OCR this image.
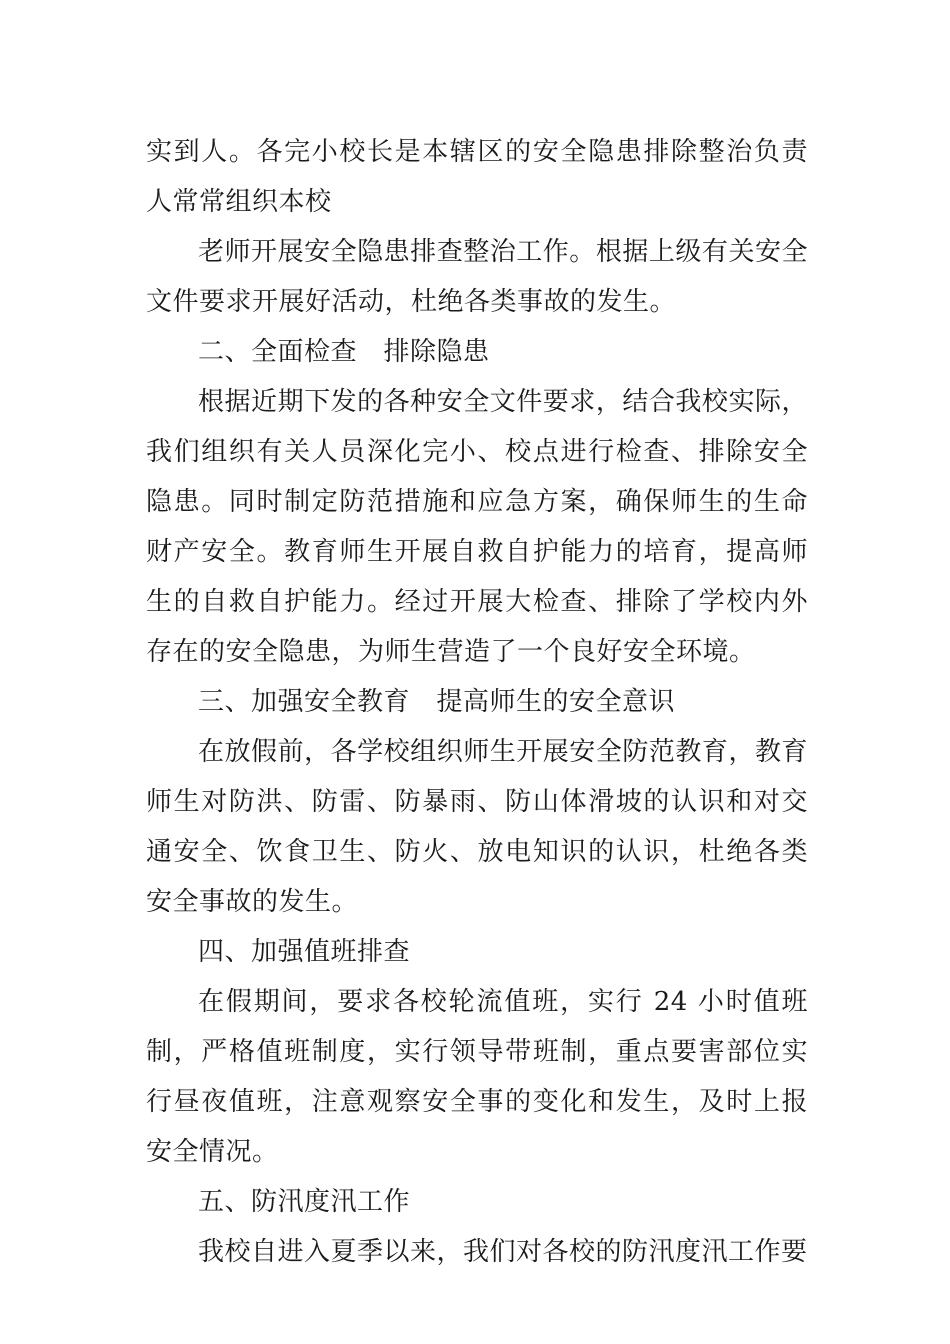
实到人。各完小校长是本辖区的安全隐患排除整治负责人常常组织本校

老师开展安全隐患排查整治工作。根据上级有关安全文件要求开展好活动，杜绝各类事故的发生。

二、全面检查　排除隐患

根据近期下发的各种安全文件要求，结合我校实际，我们组织有关人员深化完小、校点进行检查、排除安全隐患。同时制定防范措施和应急方案，确保师生的生命财产安全。教育师生开展自救自护能力的培育，提高师生的自救自护能力。经过开展大检查、排除了学校内外存在的安全隐患，为师生营造了一个良好安全环境。

三、加强安全教育　提高师生的安全意识

在放假前，各学校组织师生开展安全防范教育，教育师生对防洪、防雷、防暴雨、防山体滑坡的认识和对交通安全、饮食卫生、防火、放电知识的认识，杜绝各类安全事故的发生。

四、加强值班排查

在假期间，要求各校轮流值班，实行 24 小时值班制，严格值班制度，实行领导带班制，重点要害部位实行昼夜值班，注意观察安全事的变化和发生，及时上报安全情况。

五、防汛度汛工作

我校自进入夏季以来，我们对各校的防汛度汛工作要
